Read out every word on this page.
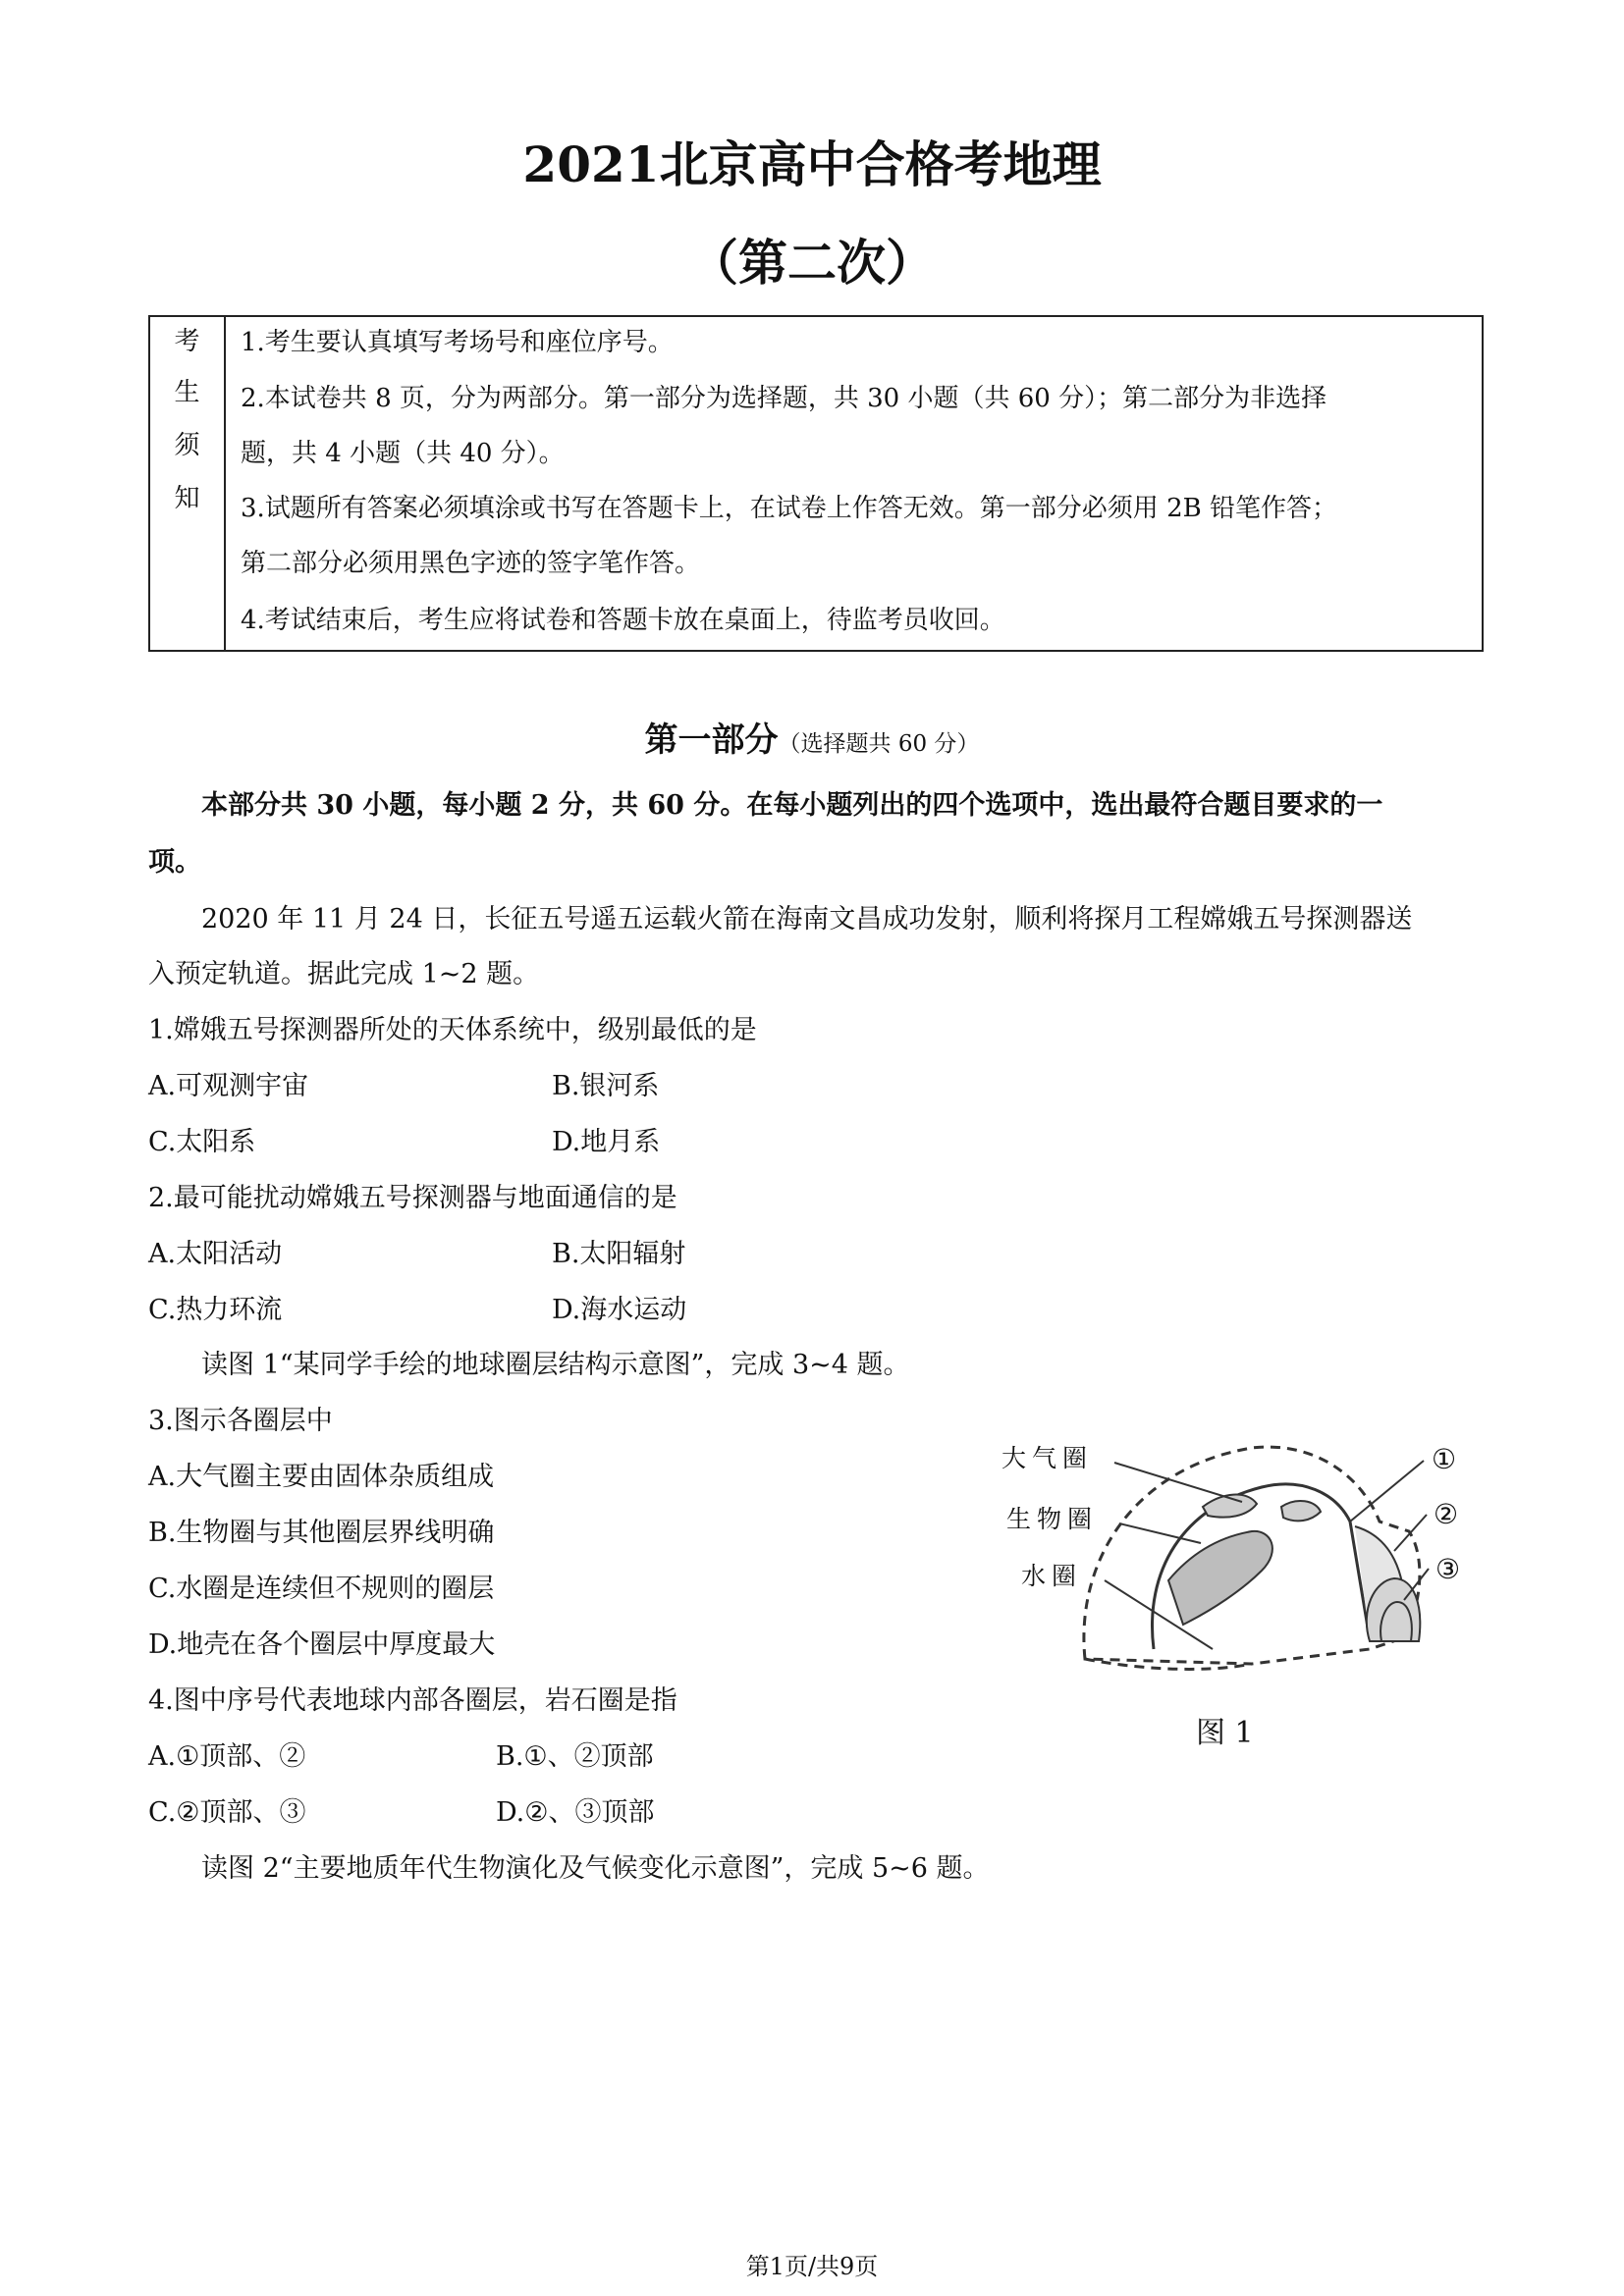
2021北京高中合格考地理
（第二次）
考
生
须
知
1.考生要认真填写考场号和座位序号。
2.本试卷共 8 页，分为两部分。第一部分为选择题，共 30 小题（共 60 分）；第二部分为非选择
题，共 4 小题（共 40 分）。
3.试题所有答案必须填涂或书写在答题卡上，在试卷上作答无效。第一部分必须用 2B 铅笔作答；
第二部分必须用黑色字迹的签字笔作答。
4.考试结束后，考生应将试卷和答题卡放在桌面上，待监考员收回。
第一部分（选择题共 60 分）
本部分共 30 小题，每小题 2 分，共 60 分。在每小题列出的四个选项中，选出最符合题目要求的一
项。
2020 年 11 月 24 日，长征五号遥五运载火箭在海南文昌成功发射，顺利将探月工程嫦娥五号探测器送
入预定轨道。据此完成 1~2 题。
1.嫦娥五号探测器所处的天体系统中，级别最低的是
A.可观测宇宙	B.银河系
C.太阳系	D.地月系
2.最可能扰动嫦娥五号探测器与地面通信的是
A.太阳活动	B.太阳辐射
C.热力环流	D.海水运动
读图 1“某同学手绘的地球圈层结构示意图”，完成 3~4 题。
3.图示各圈层中
A.大气圈主要由固体杂质组成
B.生物圈与其他圈层界线明确
C.水圈是连续但不规则的圈层
D.地壳在各个圈层中厚度最大
4.图中序号代表地球内部各圈层，岩石圈是指
A.①顶部、②	B.①、②顶部
C.②顶部、③	D.②、③顶部
读图 2“主要地质年代生物演化及气候变化示意图”，完成 5~6 题。
大气圈
生物圈
水圈
①
②
③
图 1
第1页/共9页
